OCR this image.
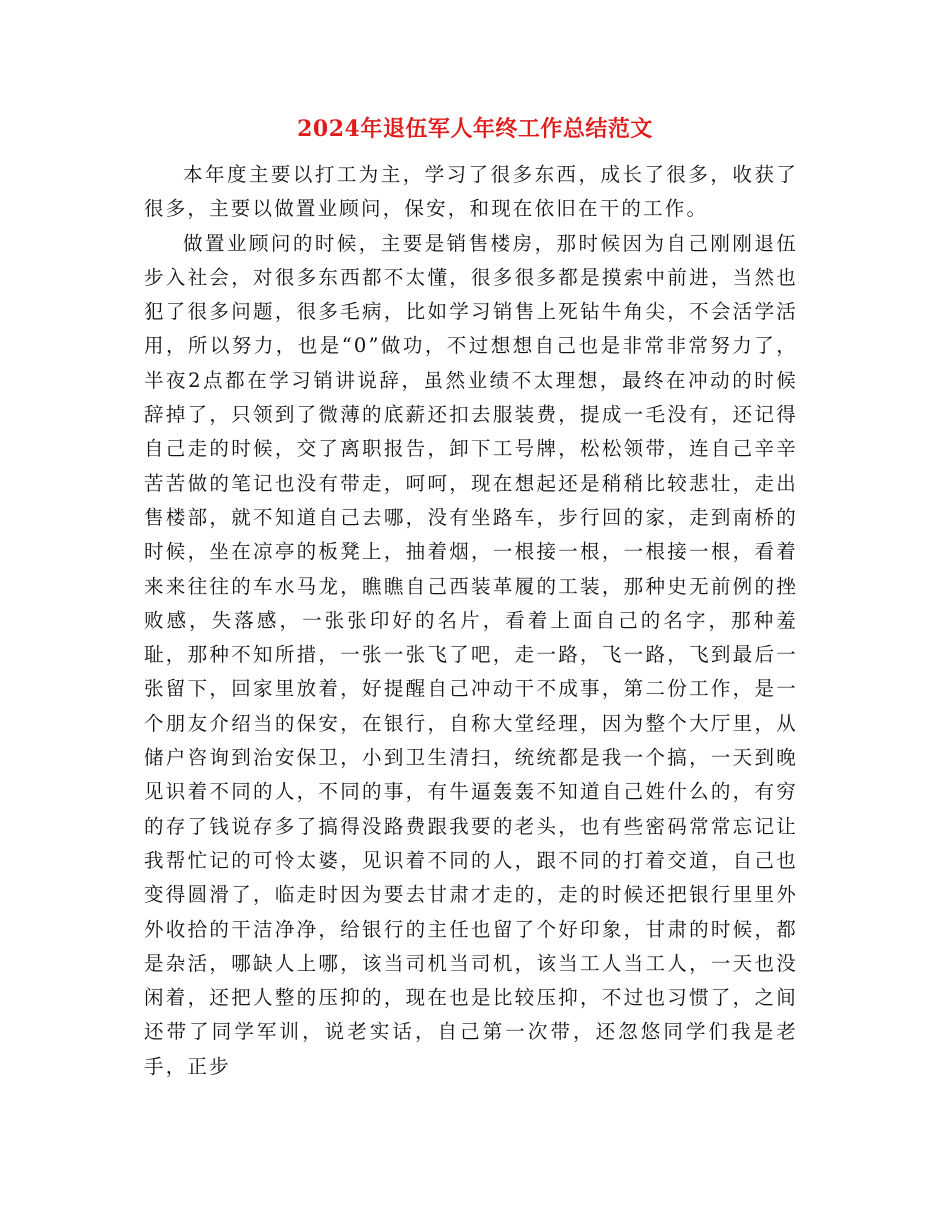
2024年退伍军人年终工作总结范文

本年度主要以打工为主，学习了很多东西，成长了很多，收获了很多，主要以做置业顾问，保安，和现在依旧在干的工作。

做置业顾问的时候，主要是销售楼房，那时候因为自己刚刚退伍步入社会，对很多东西都不太懂，很多很多都是摸索中前进，当然也犯了很多问题，很多毛病，比如学习销售上死钻牛角尖，不会活学活用，所以努力，也是“0”做功，不过想想自己也是非常非常努力了，半夜2点都在学习销讲说辞，虽然业绩不太理想，最终在冲动的时候辞掉了，只领到了微薄的底薪还扣去服装费，提成一毛没有，还记得自己走的时候，交了离职报告，卸下工号牌，松松领带，连自己辛辛苦苦做的笔记也没有带走，呵呵，现在想起还是稍稍比较悲壮，走出售楼部，就不知道自己去哪，没有坐路车，步行回的家，走到南桥的时候，坐在凉亭的板凳上，抽着烟，一根接一根，一根接一根，看着来来往往的车水马龙，瞧瞧自己西装革履的工装，那种史无前例的挫败感，失落感，一张张印好的名片，看着上面自己的名字，那种羞耻，那种不知所措，一张一张飞了吧，走一路，飞一路，飞到最后一张留下，回家里放着，好提醒自己冲动干不成事，第二份工作，是一个朋友介绍当的保安，在银行，自称大堂经理，因为整个大厅里，从储户咨询到治安保卫，小到卫生清扫，统统都是我一个搞，一天到晚见识着不同的人，不同的事，有牛逼轰轰不知道自己姓什么的，有穷的存了钱说存多了搞得没路费跟我要的老头，也有些密码常常忘记让我帮忙记的可怜太婆，见识着不同的人，跟不同的打着交道，自己也变得圆滑了，临走时因为要去甘肃才走的，走的时候还把银行里里外外收拾的干洁净净，给银行的主任也留了个好印象，甘肃的时候，都是杂活，哪缺人上哪，该当司机当司机，该当工人当工人，一天也没闲着，还把人整的压抑的，现在也是比较压抑，不过也习惯了，之间还带了同学军训，说老实话，自己第一次带，还忽悠同学们我是老手，正步
